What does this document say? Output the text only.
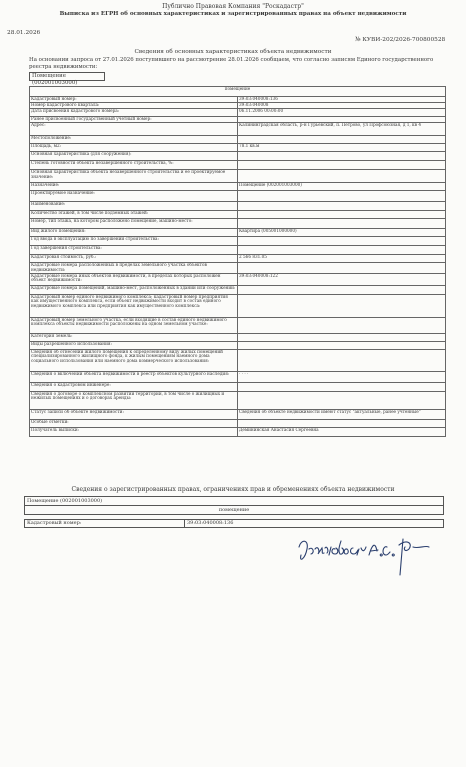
Публично Правовая Компания "Роскадастр"
Выписка из ЕГРН об основных характеристиках и зарегистрированных правах на объект недвижимости
28.01.2026
№ КУВИ-202/2026-700800528
Сведения об основных характеристиках объекта недвижимости
На основании запроса от 27.01.2026 поступившего на рассмотрение 28.01.2026 сообщаем, что согласно записям Единого государственного реестра недвижимости:
Помещение (002001003000)
помещение	
Кадастровый номер:	39:03:040008:136
Номер кадастрового квартала:	39:03:040008
Дата присвоения кадастрового номера:	06.11.2006 00:00:00
Ранее присвоенный государственный учетный номер:	
Адрес:	Калининградская область, р-н Гурьевский, п. Петрово, ул Профсоюзная, д 1, кв 4
Местоположение:	
Площадь, м2:	78.1 кв.м
Основная характеристика (для сооружения):	
Степень готовности объекта незавершенного строительства, %:	
Основная характеристика объекта незавершенного строительства и ее проектируемое значение:	
Назначение:	Помещение (002001003000)
Проектируемое назначение:	
Наименование:	
Количество этажей, в том числе подземных этажей:	
Номер, тип этажа, на котором расположено помещение, машино-место:	
Вид жилого помещения:	Квартира (005001000000)
Год ввода в эксплуатацию по завершении строительства:	
Год завершения строительства:	
Кадастровая стоимость, руб.:	2 566 831.05
Кадастровые номера расположенных в пределах земельного участка объектов недвижимости:	
Кадастровые номера иных объектов недвижимости, в пределах которых расположен объект недвижимости:	39:03:040008:122
Кадастровые номера помещений, машино-мест, расположенных в здании или сооружении:	
Кадастровый номер единого недвижимого комплекса; кадастровый номер предприятия как имущественного комплекса, если объект недвижимости входит в состав единого недвижимого комплекса или предприятия как имущественного комплекса:	
Кадастровый номер земельного участка, если входящие в состав единого недвижимого комплекса объекты недвижимости расположены на одном земельном участке:	
Категория земель:	
Виды разрешенного использования:	
Сведения об отнесении жилого помещения к определенному виду жилых помещений специализированного жилищного фонда, к жилым помещениям наемного дома социального использования или наемного дома коммерческого использования:	
Сведения о включении объекта недвижимости в реестр объектов культурного наследия:	· · · ·
Сведения о кадастровом инженере:	
Сведения о договоре о комплексном развитии территории, в том числе о жилищных и нежилых помещениях и о договорах аренды:	
Статус записи об объекте недвижимости:	Сведения об объекте недвижимости имеют статус "актуальные, ранее учтенные"
Особые отметки:	
Получатель выписки:	Демининская Анастасия Сергеевна
Сведения о зарегистрированных правах, ограничениях прав и обременениях объекта недвижимости
Помещение (002001003000)
помещение
Кадастровый номер:	39:03:040008:136
